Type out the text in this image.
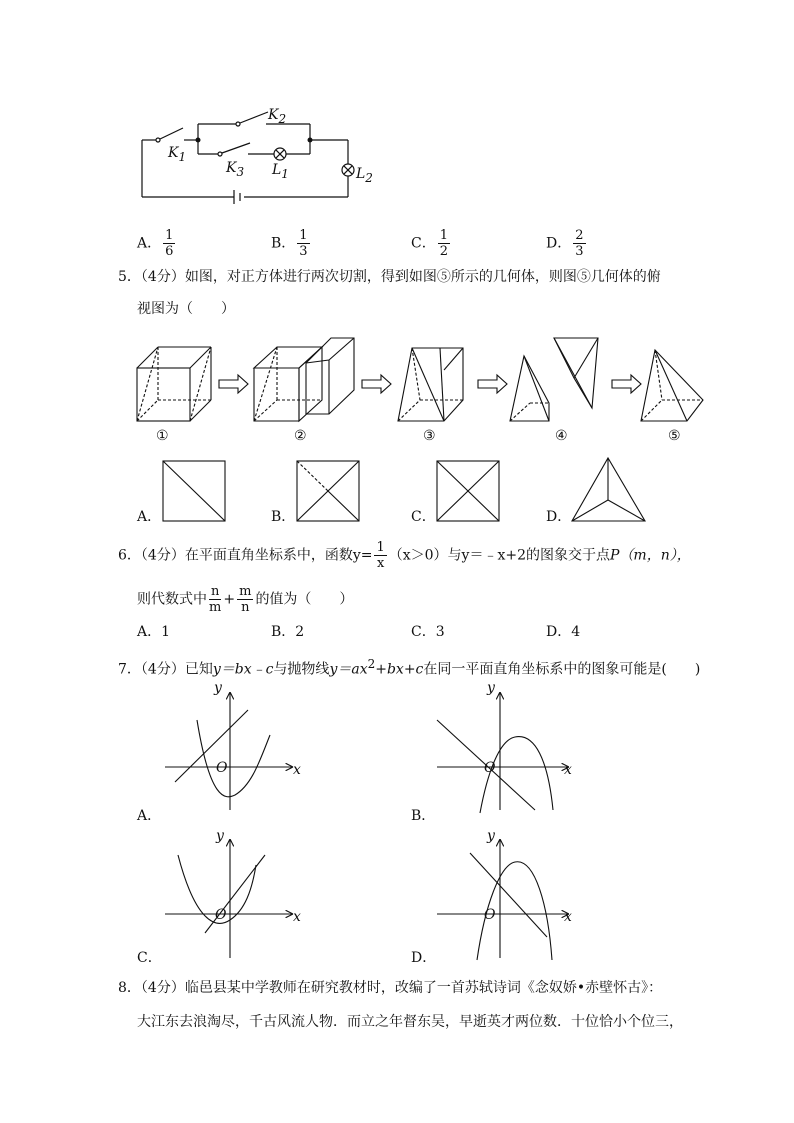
$K_1$
$K_2$
$K_3$ $L_1$	$L_2$
A． $\frac{1}{6}$	B． $\frac{1}{3}$	C． $\frac{1}{2}$	D． $\frac{2}{3}$
5．（4分）如图，对正方体进行两次切割，得到如图⑤所示的几何体，则图⑤几何体的俯
视图为（　　）
①	②	③	④	⑤
A．	B．	C．	D．
6．（4分）在平面直角坐标系中，函数$y= \frac{1}{x} (x>0)$与y＝﹣x+2的图象交于点P（m，n），
则代数式中 $\frac{n}{m} + \frac{m}{n}$ 的值为（　　）
A．1	B．2	C．3	D．4
7．（4分）已知y＝bx﹣c与抛物线$y=ax^2+bx+c$在同一平面直角坐标系中的图象可能是(　　)
y
x
O
y
x
O
y
x
O
y
x
O
A．	B．
C．	D．
8．（4分）临邑县某中学教师在研究教材时，改编了一首苏轼诗词《念奴娇•赤壁怀古》：
大江东去浪淘尽，千古风流人物．而立之年督东吴，早逝英才两位数．十位恰小个位三，
